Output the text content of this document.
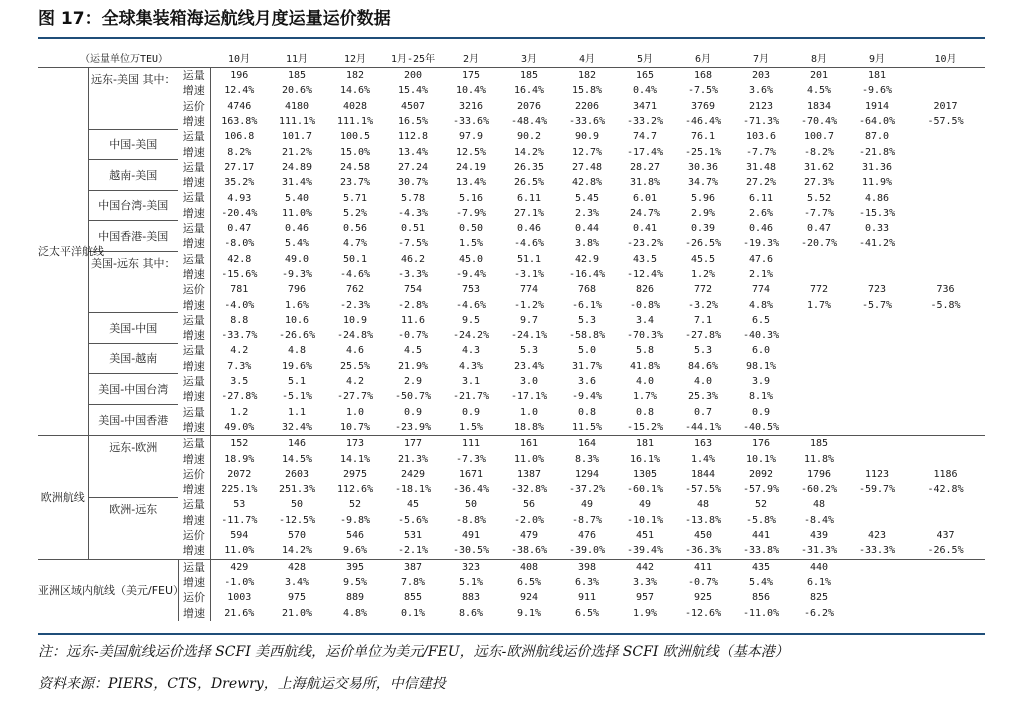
图 17：全球集装箱海运航线月度运量运价数据
（运量单位万TEU）			10月	11月	12月	1月-25年	2月	3月	4月	5月	6月	7月	8月	9月	10月
泛太平洋航线	远东-美国 其中：	运量	196	185	182	200	175	185	182	165	168	203	201	181	
		增速	12.4%	20.6%	14.6%	15.4%	10.4%	16.4%	15.8%	0.4%	-7.5%	3.6%	4.5%	-9.6%	
		运价	4746	4180	4028	4507	3216	2076	2206	3471	3769	2123	1834	1914	2017
		增速	163.8%	111.1%	111.1%	16.5%	-33.6%	-48.4%	-33.6%	-33.2%	-46.4%	-71.3%	-70.4%	-64.0%	-57.5%
	中国-美国	运量	106.8	101.7	100.5	112.8	97.9	90.2	90.9	74.7	76.1	103.6	100.7	87.0	
		增速	8.2%	21.2%	15.0%	13.4%	12.5%	14.2%	12.7%	-17.4%	-25.1%	-7.7%	-8.2%	-21.8%	
	越南-美国	运量	27.17	24.89	24.58	27.24	24.19	26.35	27.48	28.27	30.36	31.48	31.62	31.36	
		增速	35.2%	31.4%	23.7%	30.7%	13.4%	26.5%	42.8%	31.8%	34.7%	27.2%	27.3%	11.9%	
	中国台湾-美国	运量	4.93	5.40	5.71	5.78	5.16	6.11	5.45	6.01	5.96	6.11	5.52	4.86	
		增速	-20.4%	11.0%	5.2%	-4.3%	-7.9%	27.1%	2.3%	24.7%	2.9%	2.6%	-7.7%	-15.3%	
	中国香港-美国	运量	0.47	0.46	0.56	0.51	0.50	0.46	0.44	0.41	0.39	0.46	0.47	0.33	
		增速	-8.0%	5.4%	4.7%	-7.5%	1.5%	-4.6%	3.8%	-23.2%	-26.5%	-19.3%	-20.7%	-41.2%	
	美国-远东 其中：	运量	42.8	49.0	50.1	46.2	45.0	51.1	42.9	43.5	45.5	47.6			
		增速	-15.6%	-9.3%	-4.6%	-3.3%	-9.4%	-3.1%	-16.4%	-12.4%	1.2%	2.1%			
		运价	781	796	762	754	753	774	768	826	772	774	772	723	736
		增速	-4.0%	1.6%	-2.3%	-2.8%	-4.6%	-1.2%	-6.1%	-0.8%	-3.2%	4.8%	1.7%	-5.7%	-5.8%
	美国-中国	运量	8.8	10.6	10.9	11.6	9.5	9.7	5.3	3.4	7.1	6.5			
		增速	-33.7%	-26.6%	-24.8%	-0.7%	-24.2%	-24.1%	-58.8%	-70.3%	-27.8%	-40.3%			
	美国-越南	运量	4.2	4.8	4.6	4.5	4.3	5.3	5.0	5.8	5.3	6.0			
		增速	7.3%	19.6%	25.5%	21.9%	4.3%	23.4%	31.7%	41.8%	84.6%	98.1%			
	美国-中国台湾	运量	3.5	5.1	4.2	2.9	3.1	3.0	3.6	4.0	4.0	3.9			
		增速	-27.8%	-5.1%	-27.7%	-50.7%	-21.7%	-17.1%	-9.4%	1.7%	25.3%	8.1%			
	美国-中国香港	运量	1.2	1.1	1.0	0.9	0.9	1.0	0.8	0.8	0.7	0.9			
		增速	49.0%	32.4%	10.7%	-23.9%	1.5%	18.8%	11.5%	-15.2%	-44.1%	-40.5%			
欧洲航线	远东-欧洲	运量	152	146	173	177	111	161	164	181	163	176	185		
		增速	18.9%	14.5%	14.1%	21.3%	-7.3%	11.0%	8.3%	16.1%	1.4%	10.1%	11.8%		
		运价	2072	2603	2975	2429	1671	1387	1294	1305	1844	2092	1796	1123	1186
		增速	225.1%	251.3%	112.6%	-18.1%	-36.4%	-32.8%	-37.2%	-60.1%	-57.5%	-57.9%	-60.2%	-59.7%	-42.8%
	欧洲-远东	运量	53	50	52	45	50	56	49	49	48	52	48		
		增速	-11.7%	-12.5%	-9.8%	-5.6%	-8.8%	-2.0%	-8.7%	-10.1%	-13.8%	-5.8%	-8.4%		
		运价	594	570	546	531	491	479	476	451	450	441	439	423	437
		增速	11.0%	14.2%	9.6%	-2.1%	-30.5%	-38.6%	-39.0%	-39.4%	-36.3%	-33.8%	-31.3%	-33.3%	-26.5%
亚洲区域内航线（美元/FEU）		运量	429	428	395	387	323	408	398	442	411	435	440		
		增速	-1.0%	3.4%	9.5%	7.8%	5.1%	6.5%	6.3%	3.3%	-0.7%	5.4%	6.1%		
		运价	1003	975	889	855	883	924	911	957	925	856	825		
		增速	21.6%	21.0%	4.8%	0.1%	8.6%	9.1%	6.5%	1.9%	-12.6%	-11.0%	-6.2%		
注：远东-美国航线运价选择 SCFI 美西航线，运价单位为美元/FEU，远东-欧洲航线运价选择 SCFI 欧洲航线（基本港）
资料来源：PIERS，CTS，Drewry，上海航运交易所，中信建投
